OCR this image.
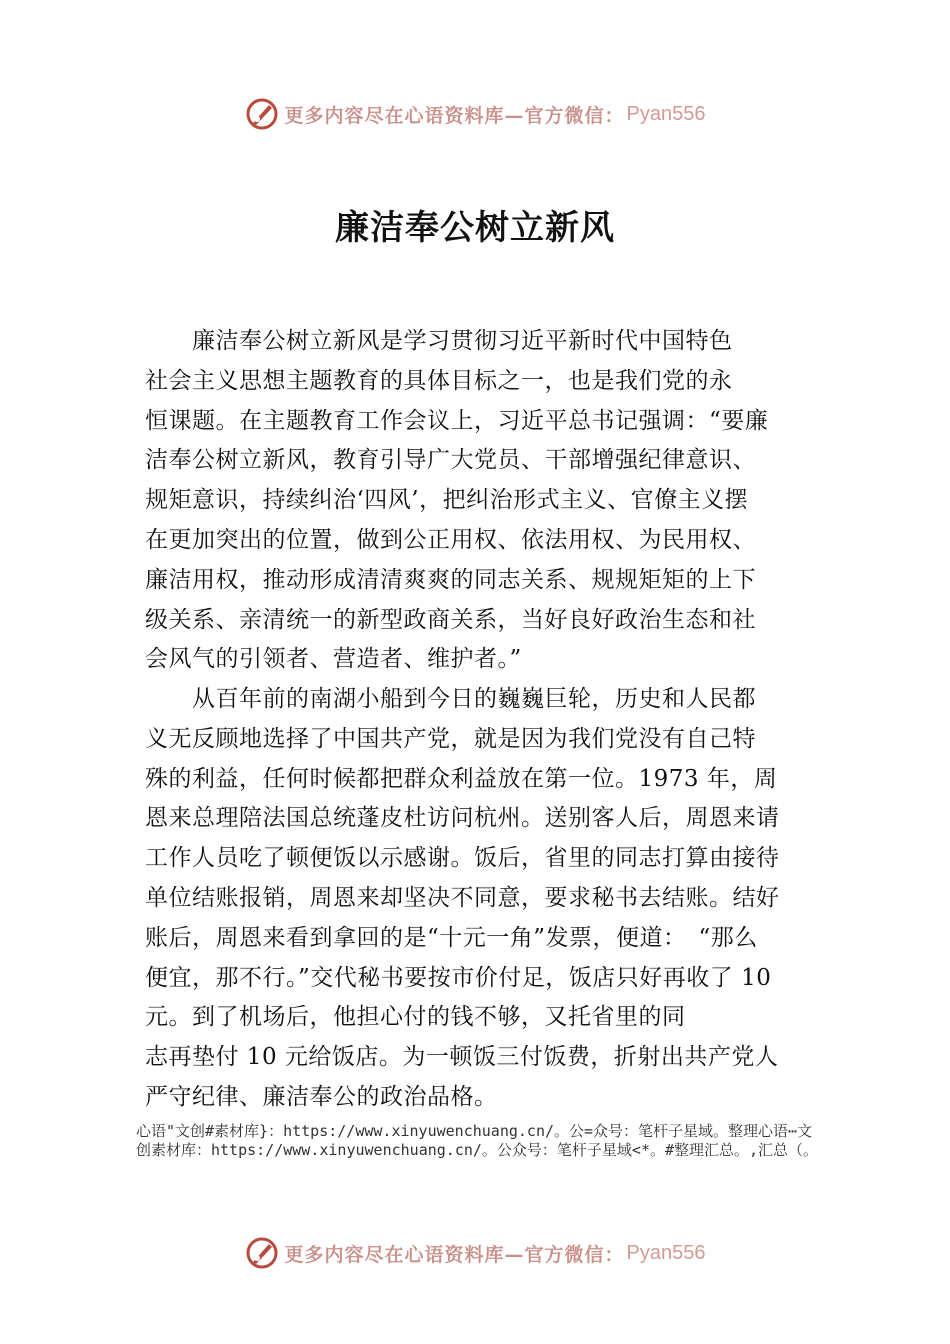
更多内容尽在心语资料库—官方微信： Pyan556
廉洁奉公树立新风
　　廉洁奉公树立新风是学习贯彻习近平新时代中国特色
社会主义思想主题教育的具体目标之一，也是我们党的永
恒课题。在主题教育工作会议上，习近平总书记强调：“要廉
洁奉公树立新风，教育引导广大党员、干部增强纪律意识、
规矩意识，持续纠治‘四风’，把纠治形式主义、官僚主义摆
在更加突出的位置，做到公正用权、依法用权、为民用权、
廉洁用权，推动形成清清爽爽的同志关系、规规矩矩的上下
级关系、亲清统一的新型政商关系，当好良好政治生态和社
会风气的引领者、营造者、维护者。”
　　从百年前的南湖小船到今日的巍巍巨轮，历史和人民都
义无反顾地选择了中国共产党，就是因为我们党没有自己特
殊的利益，任何时候都把群众利益放在第一位。1973 年，周
恩来总理陪法国总统蓬皮杜访问杭州。送别客人后，周恩来请
工作人员吃了顿便饭以示感谢。饭后，省里的同志打算由接待
单位结账报销，周恩来却坚决不同意，要求秘书去结账。结好
账后，周恩来看到拿回的是“十元一角”发票，便道：　“那么
便宜，那不行。”交代秘书要按市价付足，饭店只好再收了 10
元。到了机场后，他担心付的钱不够，又托省里的同
志再垫付 10 元给饭店。为一顿饭三付饭费，折射出共产党人
严守纪律、廉洁奉公的政治品格。
心语"文创#素材库}：https://www.xinyuwenchuang.cn/。公=众号：笔杆子星域。整理心语⋯文创素材库：https://www.xinyuwenchuang.cn/。公众号：笔杆子星域<*。#整理汇总。,汇总（。
更多内容尽在心语资料库—官方微信： Pyan556
